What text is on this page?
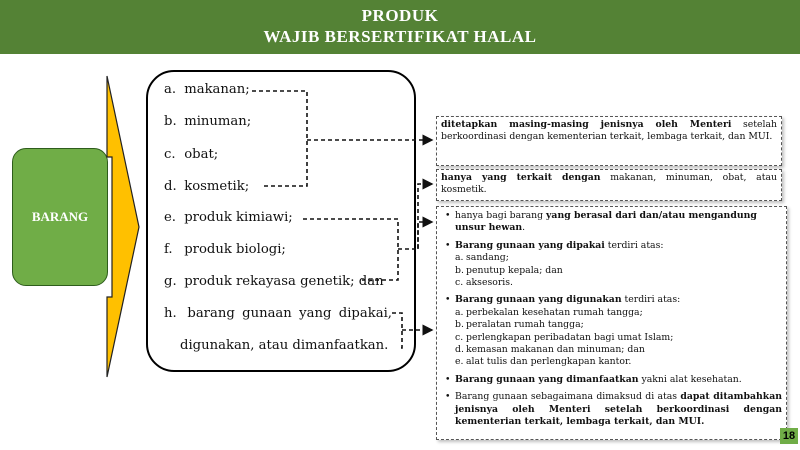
PRODUK
WAJIB BERSERTIFIKAT HALAL
BARANG
a. makanan;
b. minuman;
c. obat;
d. kosmetik;
e. produk kimiawi;
f. produk biologi;
g. produk rekayasa genetik; dan
h. barang gunaan yang dipakai,
digunakan, atau dimanfaatkan.
ditetapkan masing-masing jenisnya oleh Menteri setelah berkoordinasi dengan kementerian terkait, lembaga terkait, dan MUI.
hanya yang terkait dengan makanan, minuman, obat, atau kosmetik.
• hanya bagi barang yang berasal dari dan/atau mengandung unsur hewan.
• Barang gunaan yang dipakai terdiri atas:
a. sandang;
b. penutup kepala; dan
c. aksesoris.
• Barang gunaan yang digunakan terdiri atas:
a. perbekalan kesehatan rumah tangga;
b. peralatan rumah tangga;
c. perlengkapan peribadatan bagi umat Islam;
d. kemasan makanan dan minuman; dan
e. alat tulis dan perlengkapan kantor.
• Barang gunaan yang dimanfaatkan yakni alat kesehatan.
• Barang gunaan sebagaimana dimaksud di atas dapat ditambahkan jenisnya oleh Menteri setelah berkoordinasi dengan kementerian terkait, lembaga terkait, dan MUI.
18
